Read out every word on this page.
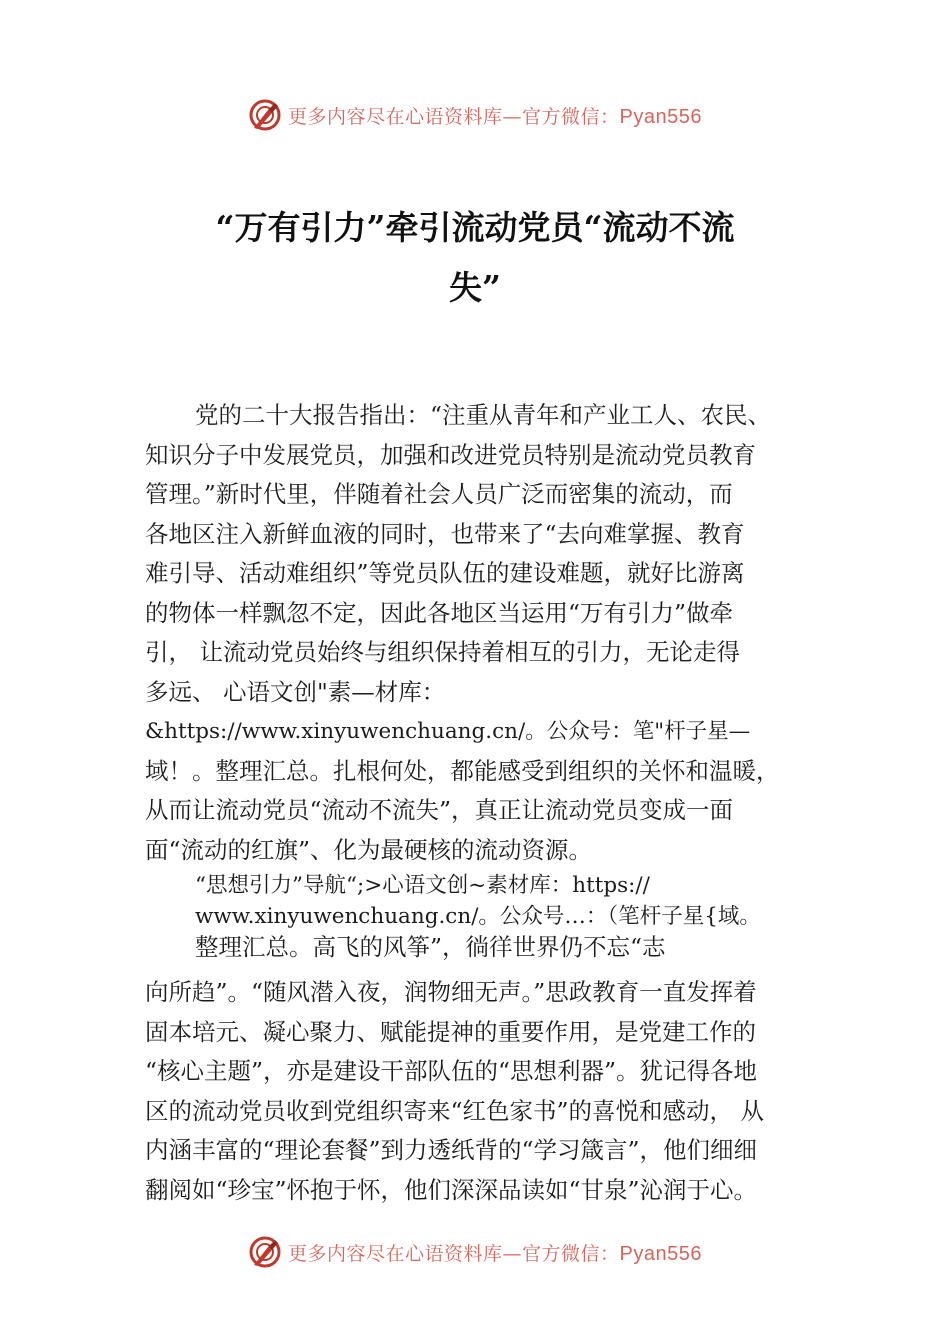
更多内容尽在心语资料库—官方微信：Pyan556
“万有引力”牵引流动党员“流动不流
失”
党的二十大报告指出：“注重从青年和产业工人、农民、
知识分子中发展党员，加强和改进党员特别是流动党员教育
管理。”新时代里，伴随着社会人员广泛而密集的流动，而
各地区注入新鲜血液的同时，也带来了“去向难掌握、教育
难引导、活动难组织”等党员队伍的建设难题，就好比游离
的物体一样飘忽不定，因此各地区当运用“万有引力”做牵
引， 让流动党员始终与组织保持着相互的引力，无论走得
多远、 心语文创"素—材库：
&https://www.xinyuwenchuang.cn/。公众号：笔"杆子星—
域！。整理汇总。扎根何处，都能感受到组织的关怀和温暖，
从而让流动党员“流动不流失”，真正让流动党员变成一面
面“流动的红旗”、化为最硬核的流动资源。
“思想引力”导航“;>心语文创~素材库：https://
www.xinyuwenchuang.cn/。公众号…：（笔杆子星{域。
整理汇总。高飞的风筝”，徜徉世界仍不忘“志
向所趋”。“随风潜入夜，润物细无声。”思政教育一直发挥着
固本培元、凝心聚力、赋能提神的重要作用，是党建工作的
“核心主题”，亦是建设干部队伍的“思想利器”。犹记得各地
区的流动党员收到党组织寄来“红色家书”的喜悦和感动， 从
内涵丰富的“理论套餐”到力透纸背的“学习箴言”，他们细细
翻阅如“珍宝”怀抱于怀，他们深深品读如“甘泉”沁润于心。
更多内容尽在心语资料库—官方微信：Pyan556
